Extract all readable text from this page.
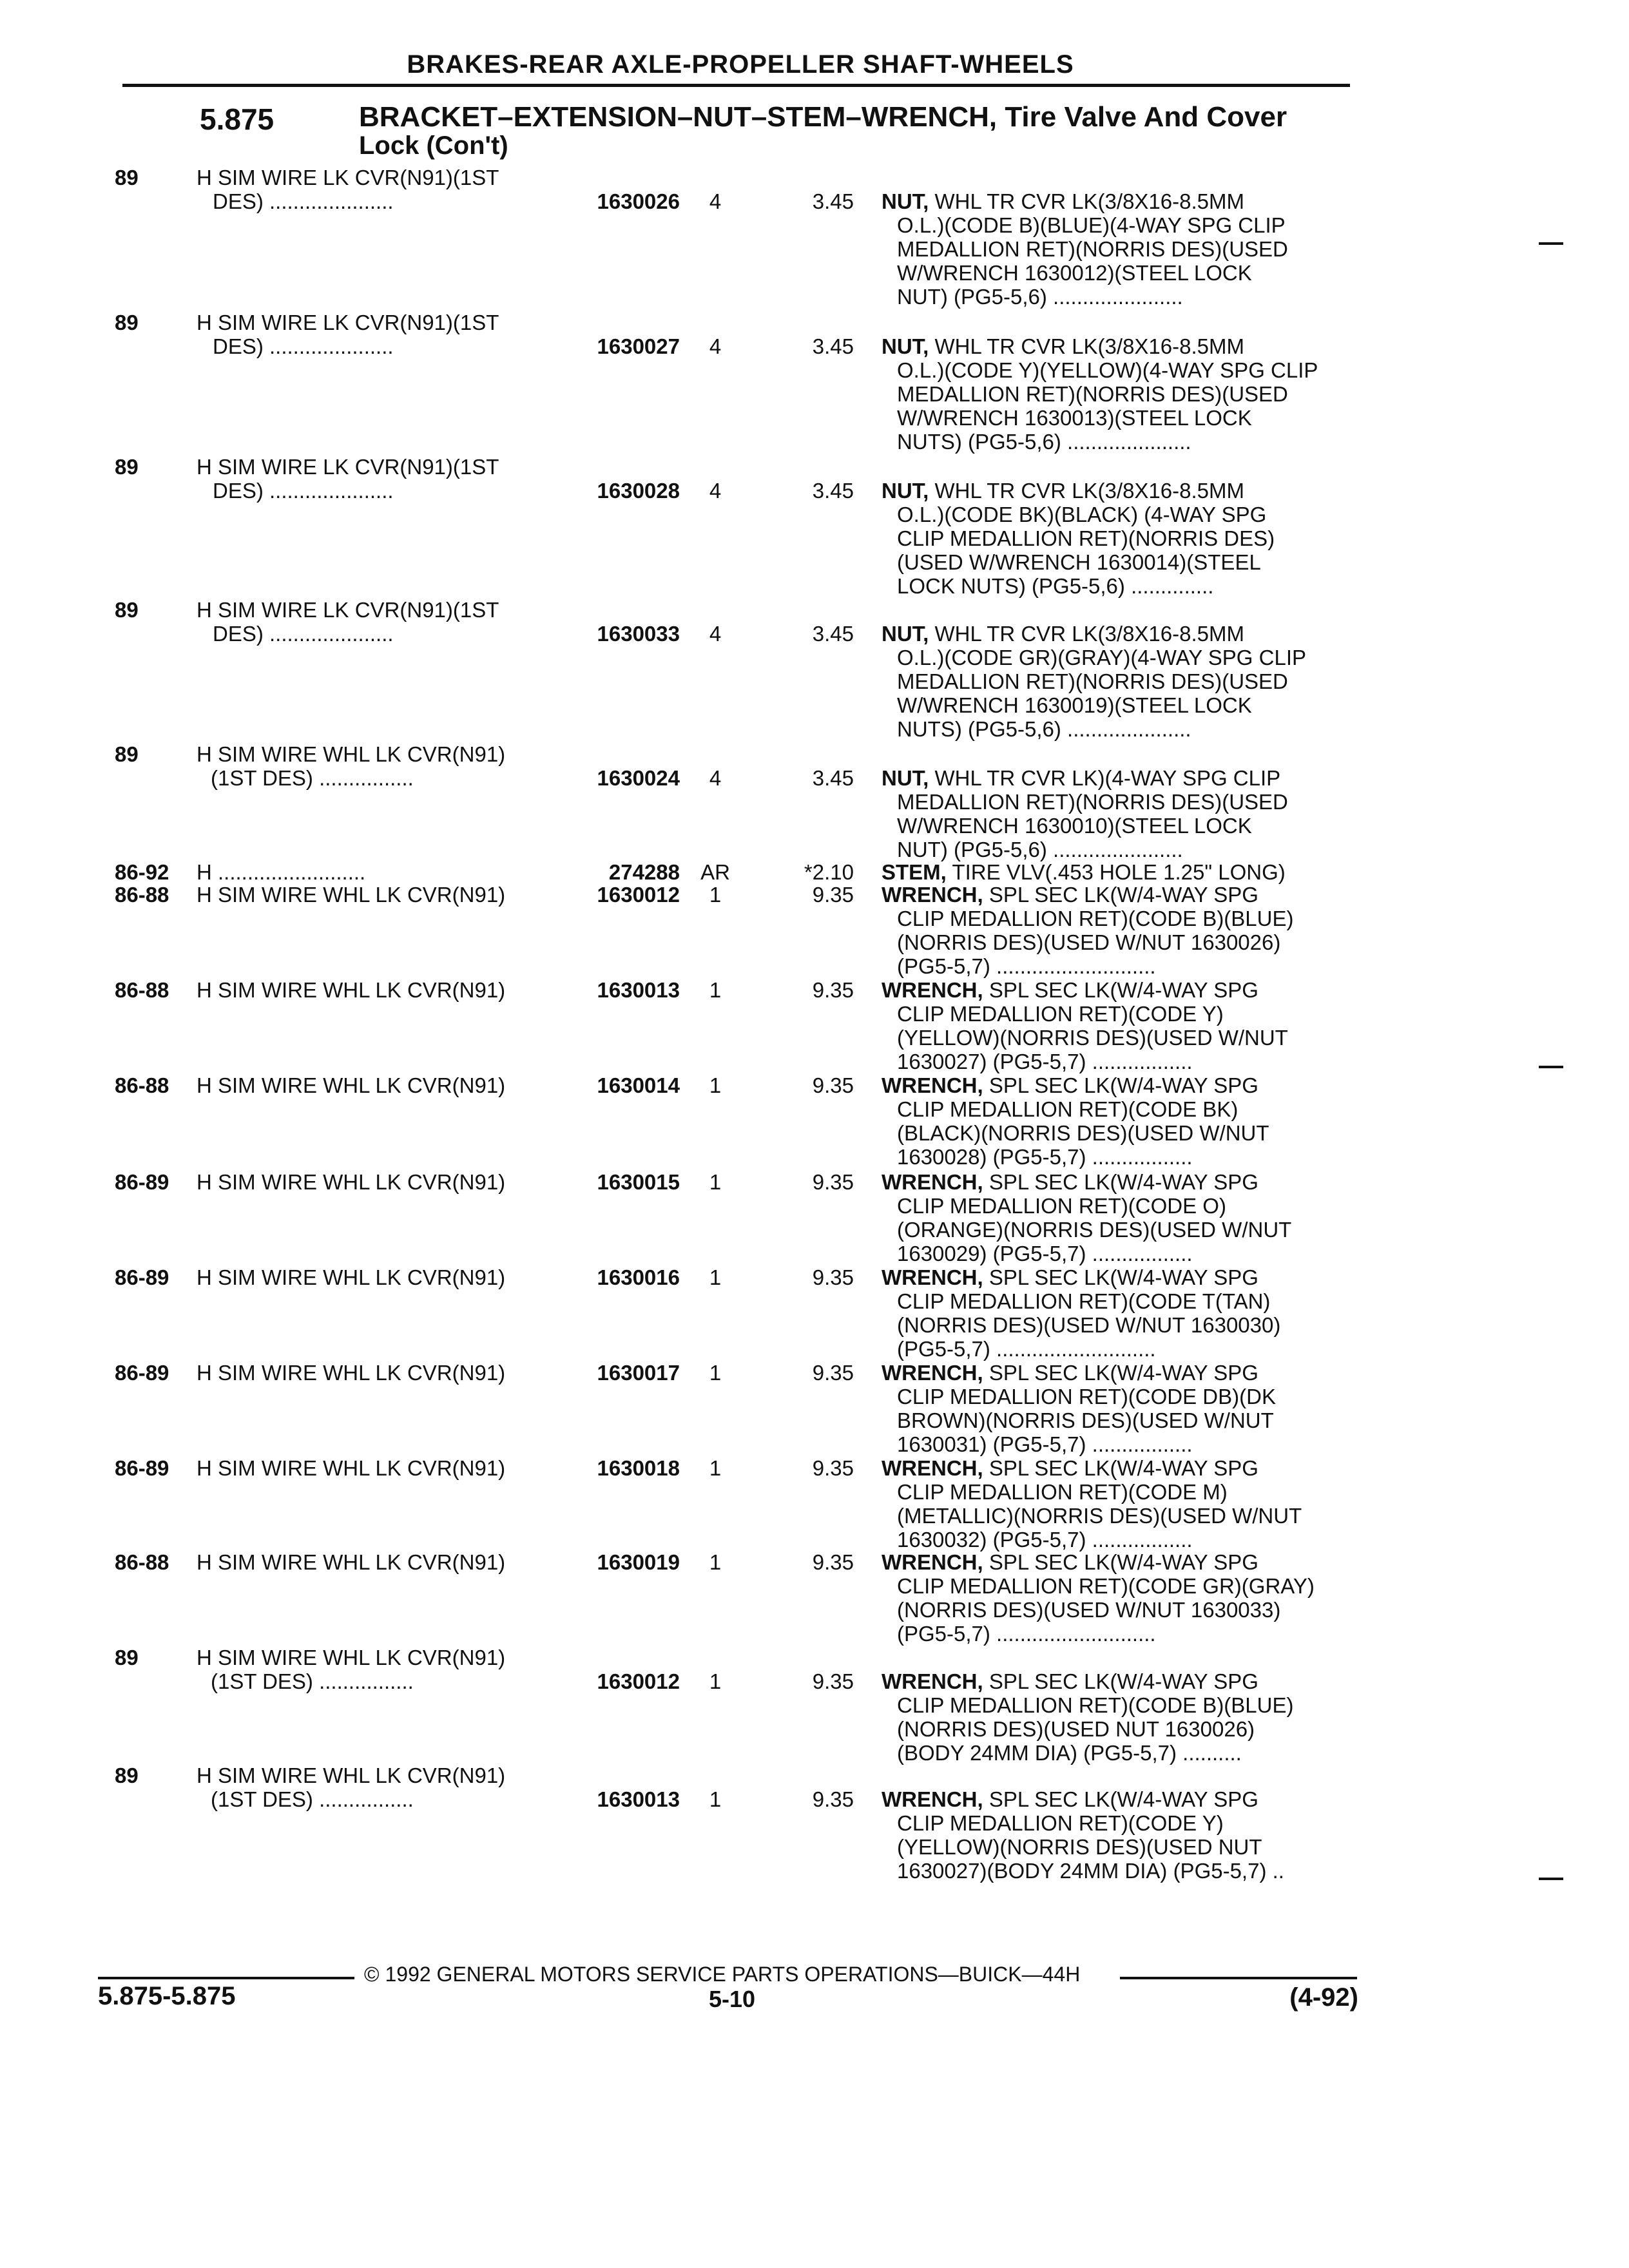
BRAKES-REAR AXLE-PROPELLER SHAFT-WHEELS
5.875	BRACKET–EXTENSION–NUT–STEM–WRENCH, Tire Valve And Cover
Lock (Con't)
89	H SIM WIRE LK CVR(N91)(1ST
DES) .....................	1630026	4	3.45 NUT, WHL TR CVR LK(3/8X16-8.5MM
O.L.)(CODE B)(BLUE)(4-WAY SPG CLIP
MEDALLION RET)(NORRIS DES)(USED
W/WRENCH 1630012)(STEEL LOCK
NUT) (PG5-5,6) ......................
89	H SIM WIRE LK CVR(N91)(1ST
DES) .....................	1630027	4	3.45 NUT, WHL TR CVR LK(3/8X16-8.5MM
O.L.)(CODE Y)(YELLOW)(4-WAY SPG CLIP
MEDALLION RET)(NORRIS DES)(USED
W/WRENCH 1630013)(STEEL LOCK
NUTS) (PG5-5,6) .....................
89	H SIM WIRE LK CVR(N91)(1ST
DES) .....................	1630028	4	3.45 NUT, WHL TR CVR LK(3/8X16-8.5MM
O.L.)(CODE BK)(BLACK) (4-WAY SPG
CLIP MEDALLION RET)(NORRIS DES)
(USED W/WRENCH 1630014)(STEEL
LOCK NUTS) (PG5-5,6) ..............
89	H SIM WIRE LK CVR(N91)(1ST
DES) .....................	1630033	4	3.45 NUT, WHL TR CVR LK(3/8X16-8.5MM
O.L.)(CODE GR)(GRAY)(4-WAY SPG CLIP
MEDALLION RET)(NORRIS DES)(USED
W/WRENCH 1630019)(STEEL LOCK
NUTS) (PG5-5,6) .....................
89	H SIM WIRE WHL LK CVR(N91)
(1ST DES) ................	1630024	4	3.45 NUT, WHL TR CVR LK)(4-WAY SPG CLIP
MEDALLION RET)(NORRIS DES)(USED
W/WRENCH 1630010)(STEEL LOCK
NUT) (PG5-5,6) ......................
86-92 H .........................	274288 AR	*2.10 STEM, TIRE VLV(.453 HOLE 1.25" LONG)
86-88 H SIM WIRE WHL LK CVR(N91)	1630012	1	9.35 WRENCH, SPL SEC LK(W/4-WAY SPG
CLIP MEDALLION RET)(CODE B)(BLUE)
(NORRIS DES)(USED W/NUT 1630026)
(PG5-5,7) ...........................
86-88 H SIM WIRE WHL LK CVR(N91)	1630013	1	9.35 WRENCH, SPL SEC LK(W/4-WAY SPG
CLIP MEDALLION RET)(CODE Y)
(YELLOW)(NORRIS DES)(USED W/NUT
1630027) (PG5-5,7) .................
86-88 H SIM WIRE WHL LK CVR(N91)	1630014	1	9.35 WRENCH, SPL SEC LK(W/4-WAY SPG
CLIP MEDALLION RET)(CODE BK)
(BLACK)(NORRIS DES)(USED W/NUT
1630028) (PG5-5,7) .................
86-89 H SIM WIRE WHL LK CVR(N91)	1630015	1	9.35 WRENCH, SPL SEC LK(W/4-WAY SPG
CLIP MEDALLION RET)(CODE O)
(ORANGE)(NORRIS DES)(USED W/NUT
1630029) (PG5-5,7) .................
86-89 H SIM WIRE WHL LK CVR(N91)	1630016	1	9.35 WRENCH, SPL SEC LK(W/4-WAY SPG
CLIP MEDALLION RET)(CODE T(TAN)
(NORRIS DES)(USED W/NUT 1630030)
(PG5-5,7) ...........................
86-89 H SIM WIRE WHL LK CVR(N91)	1630017	1	9.35 WRENCH, SPL SEC LK(W/4-WAY SPG
CLIP MEDALLION RET)(CODE DB)(DK
BROWN)(NORRIS DES)(USED W/NUT
1630031) (PG5-5,7) .................
86-89 H SIM WIRE WHL LK CVR(N91)	1630018	1	9.35 WRENCH, SPL SEC LK(W/4-WAY SPG
CLIP MEDALLION RET)(CODE M)
(METALLIC)(NORRIS DES)(USED W/NUT
1630032) (PG5-5,7) .................
86-88 H SIM WIRE WHL LK CVR(N91)	1630019	1	9.35 WRENCH, SPL SEC LK(W/4-WAY SPG
CLIP MEDALLION RET)(CODE GR)(GRAY)
(NORRIS DES)(USED W/NUT 1630033)
(PG5-5,7) ...........................
89	H SIM WIRE WHL LK CVR(N91)
(1ST DES) ................	1630012	1	9.35 WRENCH, SPL SEC LK(W/4-WAY SPG
CLIP MEDALLION RET)(CODE B)(BLUE)
(NORRIS DES)(USED NUT 1630026)
(BODY 24MM DIA) (PG5-5,7) ..........
89	H SIM WIRE WHL LK CVR(N91)
(1ST DES) ................	1630013	1	9.35 WRENCH, SPL SEC LK(W/4-WAY SPG
CLIP MEDALLION RET)(CODE Y)
(YELLOW)(NORRIS DES)(USED NUT
1630027)(BODY 24MM DIA) (PG5-5,7) ..
© 1992 GENERAL MOTORS SERVICE PARTS OPERATIONS—BUICK—44H
5.875-5.875	5-10	(4-92)
